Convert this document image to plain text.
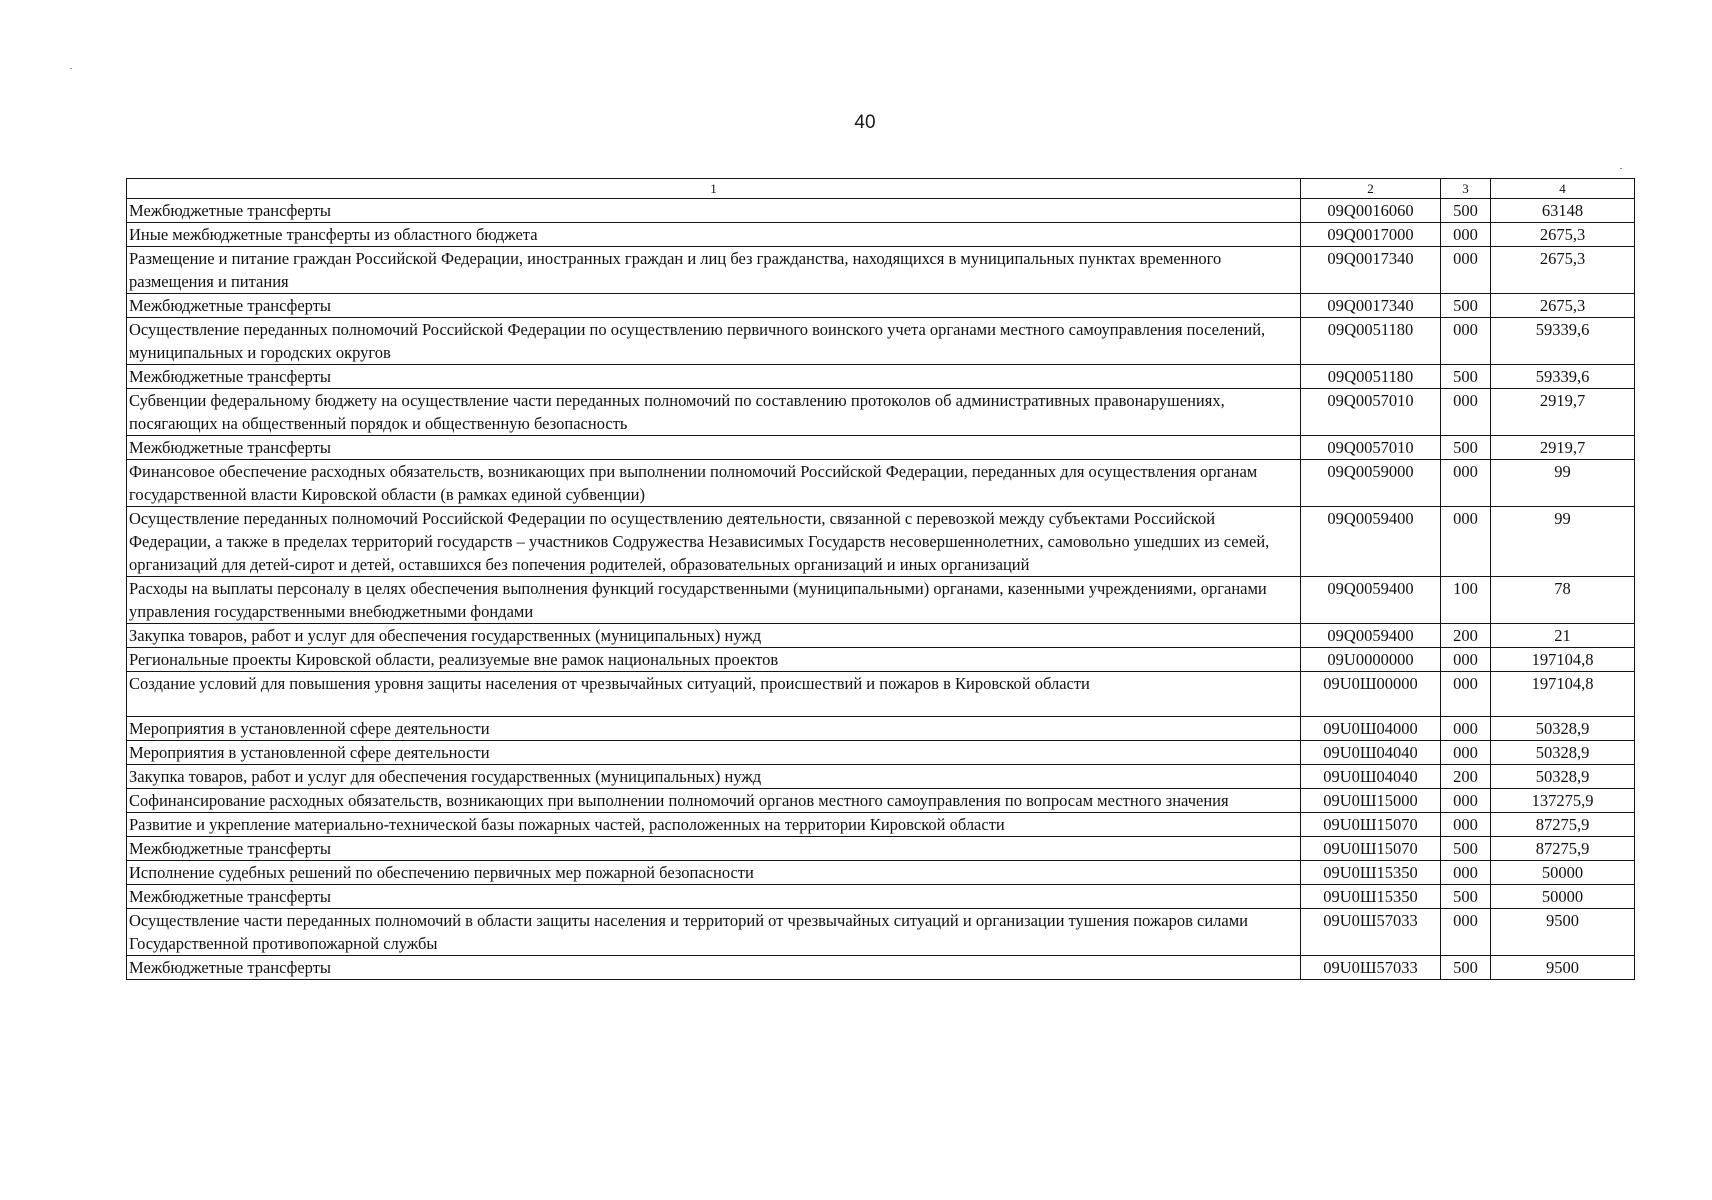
40
1	2	3	4
Межбюджетные трансферты	09Q0016060	500	63148
Иные межбюджетные трансферты из областного бюджета	09Q0017000	000	2675,3
Размещение и питание граждан Российской Федерации, иностранных граждан и лиц без гражданства, находящихся в муниципальных пунктах временного размещения и питания	09Q0017340	000	2675,3
Межбюджетные трансферты	09Q0017340	500	2675,3
Осуществление переданных полномочий Российской Федерации по осуществлению первичного воинского учета органами местного самоуправления поселений, муниципальных и городских округов	09Q0051180	000	59339,6
Межбюджетные трансферты	09Q0051180	500	59339,6
Субвенции федеральному бюджету на осуществление части переданных полномочий по составлению протоколов об административных правонарушениях, посягающих на общественный порядок и общественную безопасность	09Q0057010	000	2919,7
Межбюджетные трансферты	09Q0057010	500	2919,7
Финансовое обеспечение расходных обязательств, возникающих при выполнении полномочий Российской Федерации, переданных для осуществления органам государственной власти Кировской области (в рамках единой субвенции)	09Q0059000	000	99
Осуществление переданных полномочий Российской Федерации по осуществлению деятельности, связанной с перевозкой между субъектами Российской Федерации, а также в пределах территорий государств – участников Содружества Независимых Государств несовершеннолетних, самовольно ушедших из семей, организаций для детей-сирот и детей, оставшихся без попечения родителей, образовательных организаций и иных организаций	09Q0059400	000	99
Расходы на выплаты персоналу в целях обеспечения выполнения функций государственными (муниципальными) органами, казенными учреждениями, органами управления государственными внебюджетными фондами	09Q0059400	100	78
Закупка товаров, работ и услуг для обеспечения государственных (муниципальных) нужд	09Q0059400	200	21
Региональные проекты Кировской области, реализуемые вне рамок национальных проектов	09U0000000	000	197104,8
Создание условий для повышения уровня защиты населения от чрезвычайных ситуаций, происшествий и пожаров в Кировской области	09U0Ш00000	000	197104,8
Мероприятия в установленной сфере деятельности	09U0Ш04000	000	50328,9
Мероприятия в установленной сфере деятельности	09U0Ш04040	000	50328,9
Закупка товаров, работ и услуг для обеспечения государственных (муниципальных) нужд	09U0Ш04040	200	50328,9
Софинансирование расходных обязательств, возникающих при выполнении полномочий органов местного самоуправления по вопросам местного значения	09U0Ш15000	000	137275,9
Развитие и укрепление материально-технической базы пожарных частей, расположенных на территории Кировской области	09U0Ш15070	000	87275,9
Межбюджетные трансферты	09U0Ш15070	500	87275,9
Исполнение судебных решений по обеспечению первичных мер пожарной безопасности	09U0Ш15350	000	50000
Межбюджетные трансферты	09U0Ш15350	500	50000
Осуществление части переданных полномочий в области защиты населения и территорий от чрезвычайных ситуаций и организации тушения пожаров силами Государственной противопожарной службы	09U0Ш57033	000	9500
Межбюджетные трансферты	09U0Ш57033	500	9500
